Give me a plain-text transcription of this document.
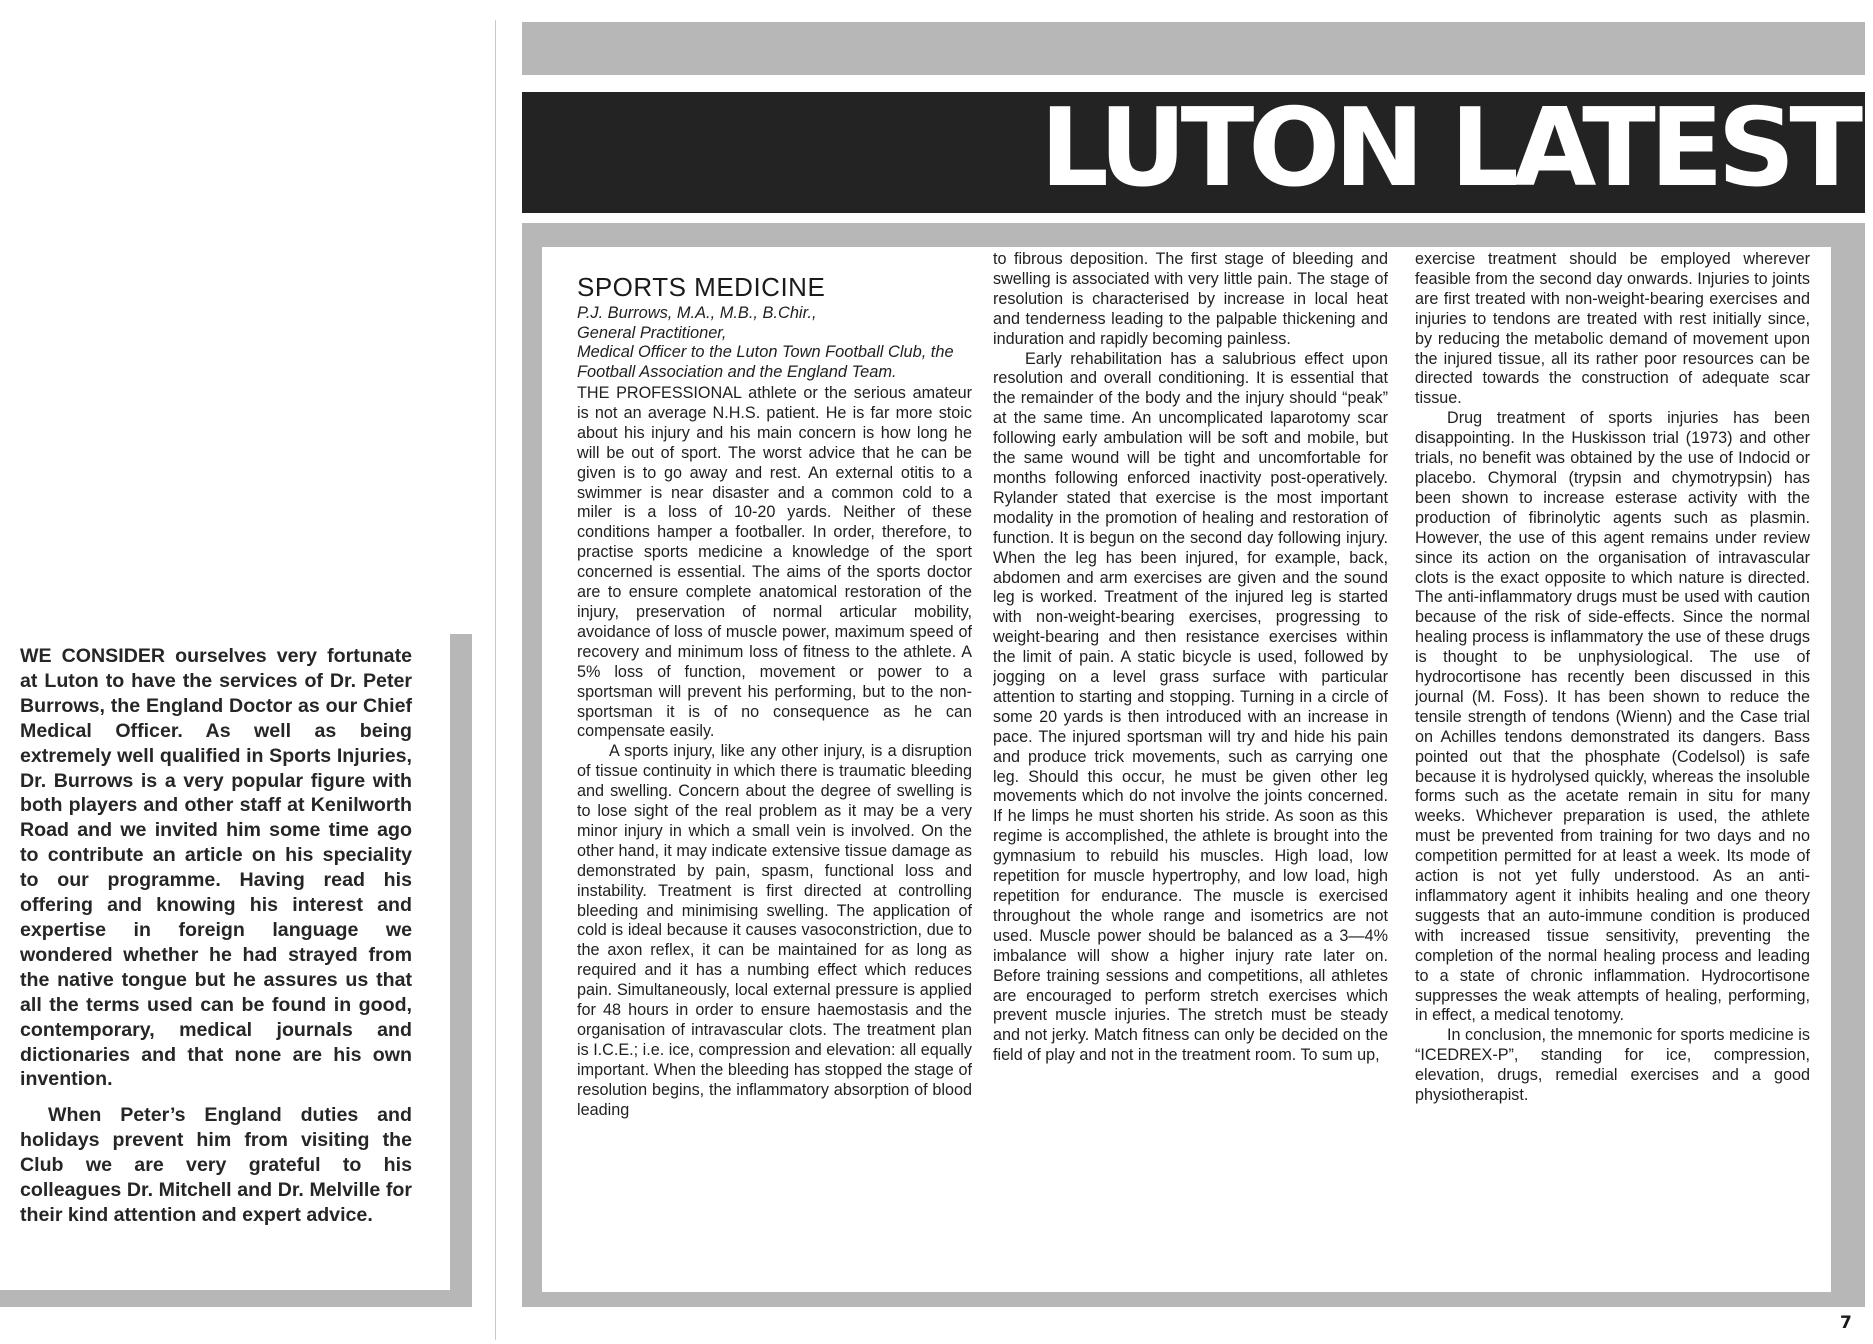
LUTON LATEST

WE CONSIDER ourselves very fortunate at Luton to have the services of Dr. Peter Burrows, the England Doctor as our Chief Medical Officer. As well as being extremely well qualified in Sports Injuries, Dr. Burrows is a very popular figure with both players and other staff at Kenilworth Road and we invited him some time ago to contribute an article on his speciality to our programme. Having read his offering and knowing his interest and expertise in foreign language we wondered whether he had strayed from the native tongue but he assures us that all the terms used can be found in good, contemporary, medical journals and dictionaries and that none are his own invention.

When Peter’s England duties and holidays prevent him from visiting the Club we are very grateful to his colleagues Dr. Mitchell and Dr. Melville for their kind attention and expert advice.

SPORTS MEDICINE
P.J. Burrows, M.A., M.B., B.Chir.,
General Practitioner,
Medical Officer to the Luton Town Football Club, the Football Association and the England Team.

THE PROFESSIONAL athlete or the serious amateur is not an average N.H.S. patient. He is far more stoic about his injury and his main concern is how long he will be out of sport. The worst advice that he can be given is to go away and rest. An external otitis to a swimmer is near disaster and a common cold to a miler is a loss of 10-20 yards. Neither of these conditions hamper a footballer. In order, therefore, to practise sports medicine a knowledge of the sport concerned is essential. The aims of the sports doctor are to ensure complete anatomical restoration of the injury, preservation of normal articular mobility, avoidance of loss of muscle power, maximum speed of recovery and minimum loss of fitness to the athlete. A 5% loss of function, movement or power to a sportsman will prevent his performing, but to the non-sportsman it is of no consequence as he can compensate easily.

A sports injury, like any other injury, is a disruption of tissue continuity in which there is traumatic bleeding and swelling. Concern about the degree of swelling is to lose sight of the real problem as it may be a very minor injury in which a small vein is involved. On the other hand, it may indicate extensive tissue damage as demonstrated by pain, spasm, functional loss and instability. Treatment is first directed at controlling bleeding and minimising swelling. The application of cold is ideal because it causes vasoconstriction, due to the axon reflex, it can be maintained for as long as required and it has a numbing effect which reduces pain. Simultaneously, local external pressure is applied for 48 hours in order to ensure haemostasis and the organisation of intravascular clots. The treatment plan is I.C.E.; i.e. ice, compression and elevation: all equally important. When the bleeding has stopped the stage of resolution begins, the inflammatory absorption of blood leading

to fibrous deposition. The first stage of bleeding and swelling is associated with very little pain. The stage of resolution is characterised by increase in local heat and tenderness leading to the palpable thickening and induration and rapidly becoming painless.

Early rehabilitation has a salubrious effect upon resolution and overall conditioning. It is essential that the remainder of the body and the injury should “peak” at the same time. An uncomplicated laparotomy scar following early ambulation will be soft and mobile, but the same wound will be tight and uncomfortable for months following enforced inactivity post-operatively. Rylander stated that exercise is the most important modality in the promotion of healing and restoration of function. It is begun on the second day following injury. When the leg has been injured, for example, back, abdomen and arm exercises are given and the sound leg is worked. Treatment of the injured leg is started with non-weight-bearing exercises, progressing to weight-bearing and then resistance exercises within the limit of pain. A static bicycle is used, followed by jogging on a level grass surface with particular attention to starting and stopping. Turning in a circle of some 20 yards is then introduced with an increase in pace. The injured sportsman will try and hide his pain and produce trick movements, such as carrying one leg. Should this occur, he must be given other leg movements which do not involve the joints concerned. If he limps he must shorten his stride. As soon as this regime is accomplished, the athlete is brought into the gymnasium to rebuild his muscles. High load, low repetition for muscle hypertrophy, and low load, high repetition for endurance. The muscle is exercised throughout the whole range and isometrics are not used. Muscle power should be balanced as a 3—4% imbalance will show a higher injury rate later on. Before training sessions and competitions, all athletes are encouraged to perform stretch exercises which prevent muscle injuries. The stretch must be steady and not jerky. Match fitness can only be decided on the field of play and not in the treatment room. To sum up,

exercise treatment should be employed wherever feasible from the second day onwards. Injuries to joints are first treated with non-weight-bearing exercises and injuries to tendons are treated with rest initially since, by reducing the metabolic demand of movement upon the injured tissue, all its rather poor resources can be directed towards the construction of adequate scar tissue.

Drug treatment of sports injuries has been disappointing. In the Huskisson trial (1973) and other trials, no benefit was obtained by the use of Indocid or placebo. Chymoral (trypsin and chymotrypsin) has been shown to increase esterase activity with the production of fibrinolytic agents such as plasmin. However, the use of this agent remains under review since its action on the organisation of intravascular clots is the exact opposite to which nature is directed. The anti-inflammatory drugs must be used with caution because of the risk of side-effects. Since the normal healing process is inflammatory the use of these drugs is thought to be unphysiological. The use of hydrocortisone has recently been discussed in this journal (M. Foss). It has been shown to reduce the tensile strength of tendons (Wienn) and the Case trial on Achilles tendons demonstrated its dangers. Bass pointed out that the phosphate (Codelsol) is safe because it is hydrolysed quickly, whereas the insoluble forms such as the acetate remain in situ for many weeks. Whichever preparation is used, the athlete must be prevented from training for two days and no competition permitted for at least a week. Its mode of action is not yet fully understood. As an anti-inflammatory agent it inhibits healing and one theory suggests that an auto-immune condition is produced with increased tissue sensitivity, preventing the completion of the normal healing process and leading to a state of chronic inflammation. Hydrocortisone suppresses the weak attempts of healing, performing, in effect, a medical tenotomy.

In conclusion, the mnemonic for sports medicine is “ICEDREX-P”, standing for ice, compression, elevation, drugs, remedial exercises and a good physiotherapist.

7
